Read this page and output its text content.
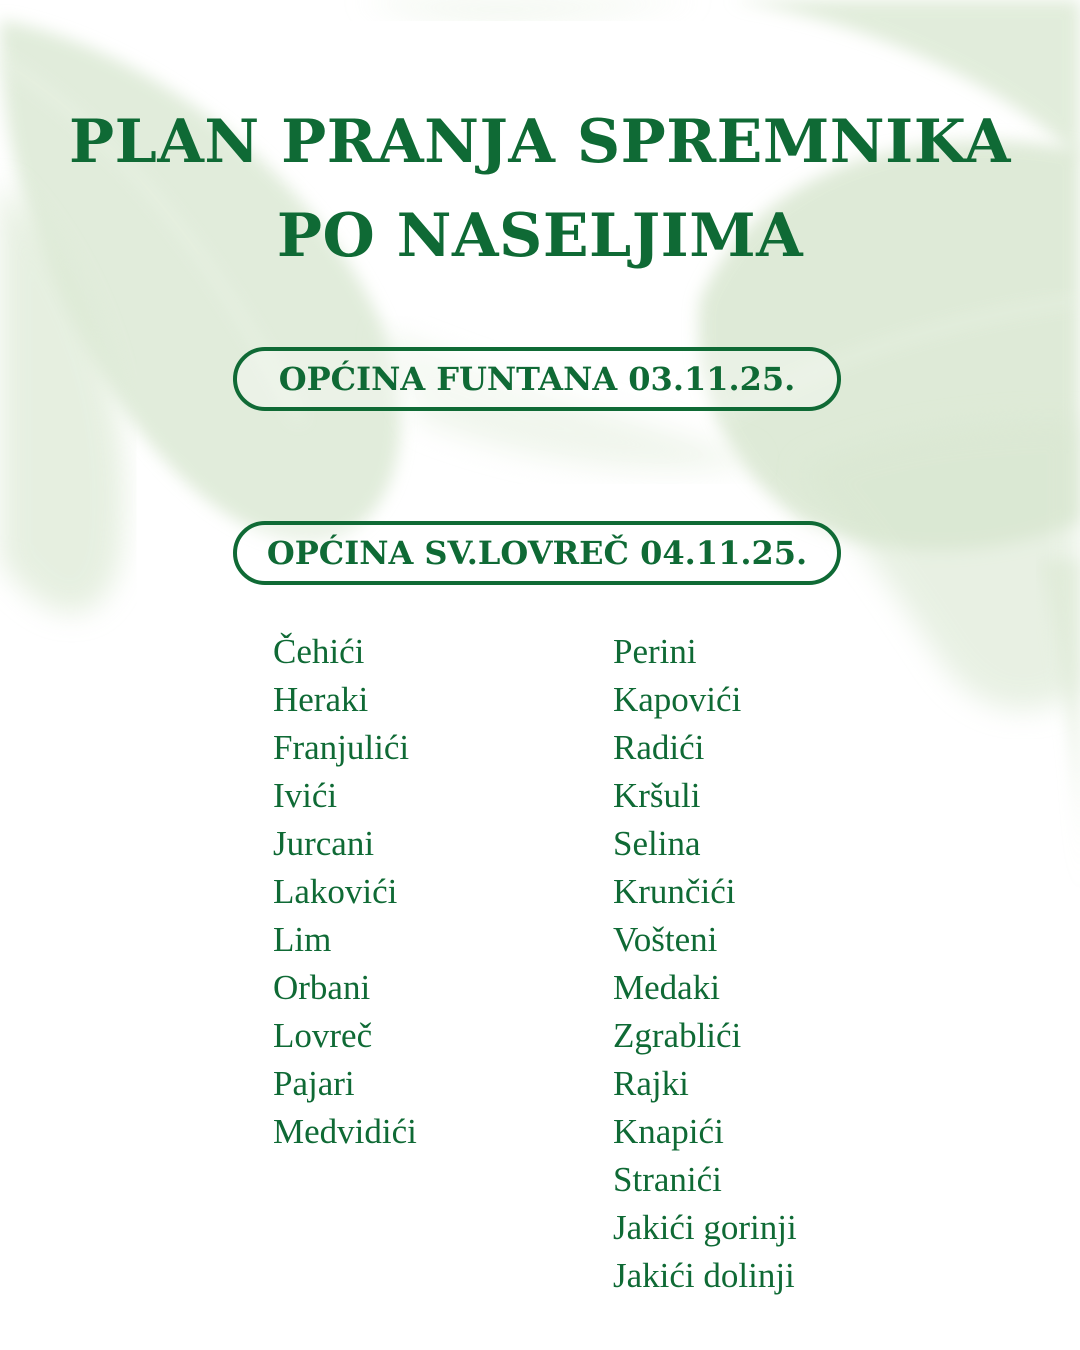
PLAN PRANJA SPREMNIKA
PO NASELJIMA
OPĆINA FUNTANA 03.11.25.
OPĆINA SV.LOVREČ 04.11.25.
Čehići
Heraki
Franjulići
Ivići
Jurcani
Lakovići
Lim
Orbani
Lovreč
Pajari
Medvidići
Perini
Kapovići
Radići
Kršuli
Selina
Krunčići
Vošteni
Medaki
Zgrablići
Rajki
Knapići
Stranići
Jakići gorinji
Jakići dolinji
